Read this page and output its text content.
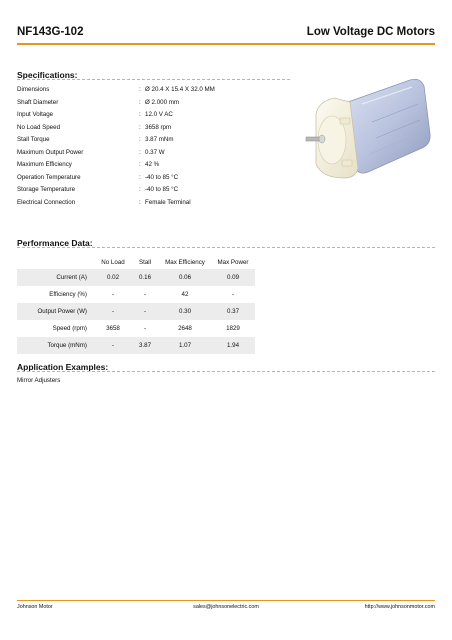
NF143G-102	Low Voltage DC Motors
Specifications:
Dimensions	: Ø 20.4 X 15.4 X 32.0 MM
Shaft Diameter	: Ø 2.000 mm
Input Voltage	: 12.0 V AC
No Load Speed	: 3658 rpm
Stall Torque	: 3.87 mNm
Maximum Output Power	: 0.37 W
Maximum Efficiency	: 42 %
Operation Temperature	: -40 to 85 °C
Storage Temperature	: -40 to 85 °C
Electrical Connection	: Female Terminal
Performance Data:
	No Load	Stall	Max Efficiency	Max Power
Current (A)	0.02	0.16	0.06	0.09
Efficiency (%)	-	-	42	-
Output Power (W)	-	-	0.30	0.37
Speed (rpm)	3658	-	2648	1829
Torque (mNm)	-	3.87	1.07	1.94
Application Examples:
Mirror Adjusters
Johnson Motor	sales@johnsonelectric.com	http://www.johnsonmotor.com
